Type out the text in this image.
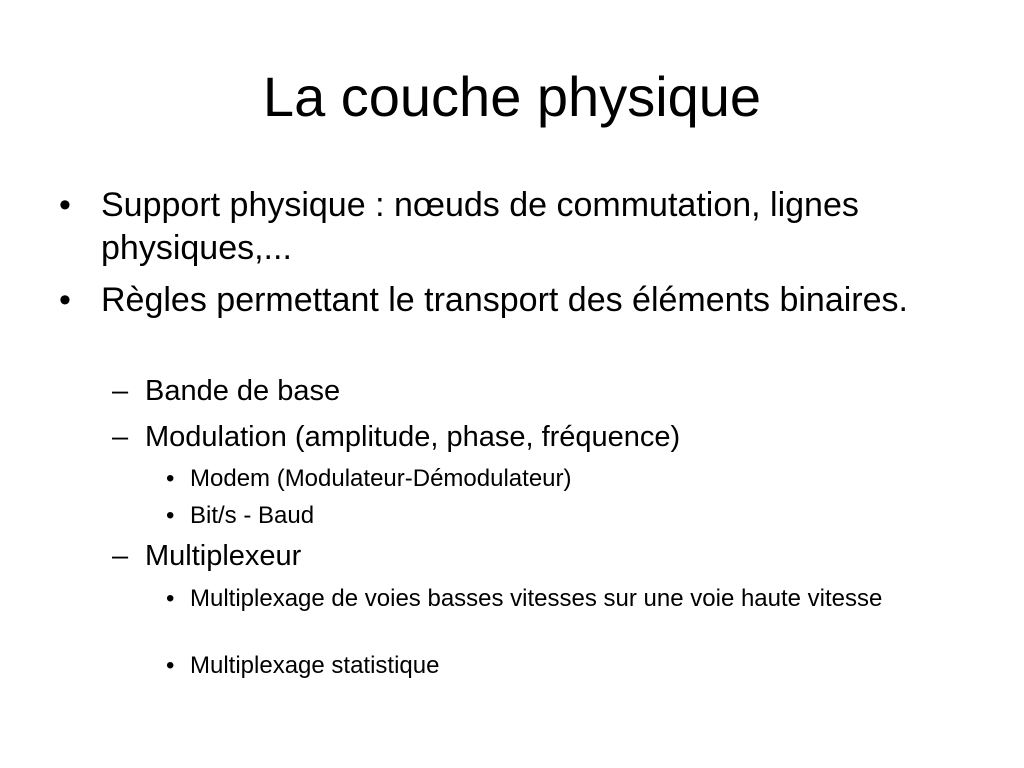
La couche physique

• Support physique : nœuds de commutation, lignes physiques,...

• Règles permettant le transport des éléments binaires.

– Bande de base

– Modulation (amplitude, phase, fréquence)

• Modem (Modulateur-Démodulateur)

• Bit/s - Baud

– Multiplexeur

• Multiplexage de voies basses vitesses sur une voie haute vitesse

• Multiplexage statistique
